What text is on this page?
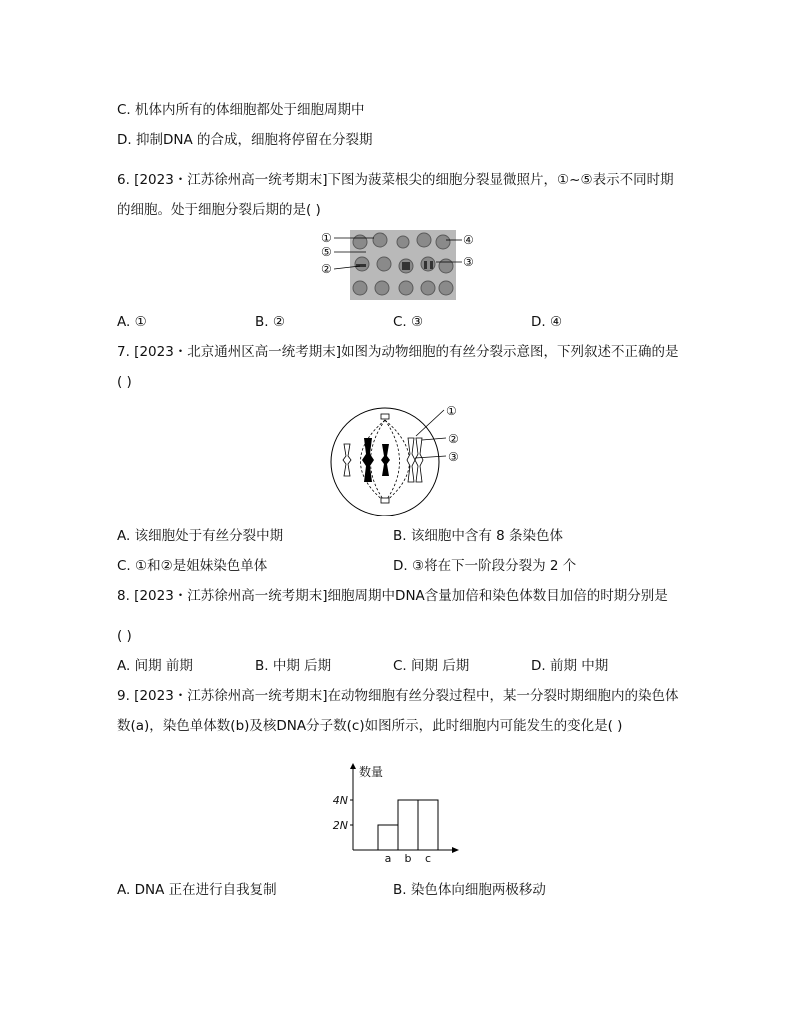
C. 机体内所有的体细胞都处于细胞周期中
D. 抑制DNA 的合成，细胞将停留在分裂期
6. [2023・江苏徐州高一统考期末]下图为菠菜根尖的细胞分裂显微照片，①~⑤表示不同时期
的细胞。处于细胞分裂后期的是( )
①
⑤
②
④
③
A. ①	B. ②	C. ③	D. ④
7. [2023・北京通州区高一统考期末]如图为动物细胞的有丝分裂示意图，下列叙述不正确的是
( )
①
②
③
A. 该细胞处于有丝分裂中期	B. 该细胞中含有 8 条染色体
C. ①和②是姐妹染色单体	D. ③将在下一阶段分裂为 2 个
8. [2023・江苏徐州高一统考期末]细胞周期中DNA含量加倍和染色体数目加倍的时期分别是
( )
A. 间期 前期	B. 中期 后期	C. 间期 后期	D. 前期 中期
9. [2023・江苏徐州高一统考期末]在动物细胞有丝分裂过程中，某一分裂时期细胞内的染色体
数(a)，染色单体数(b)及核DNA分子数(c)如图所示，此时细胞内可能发生的变化是( )
数量
a b c
2N
4N
A. DNA 正在进行自我复制	B. 染色体向细胞两极移动
